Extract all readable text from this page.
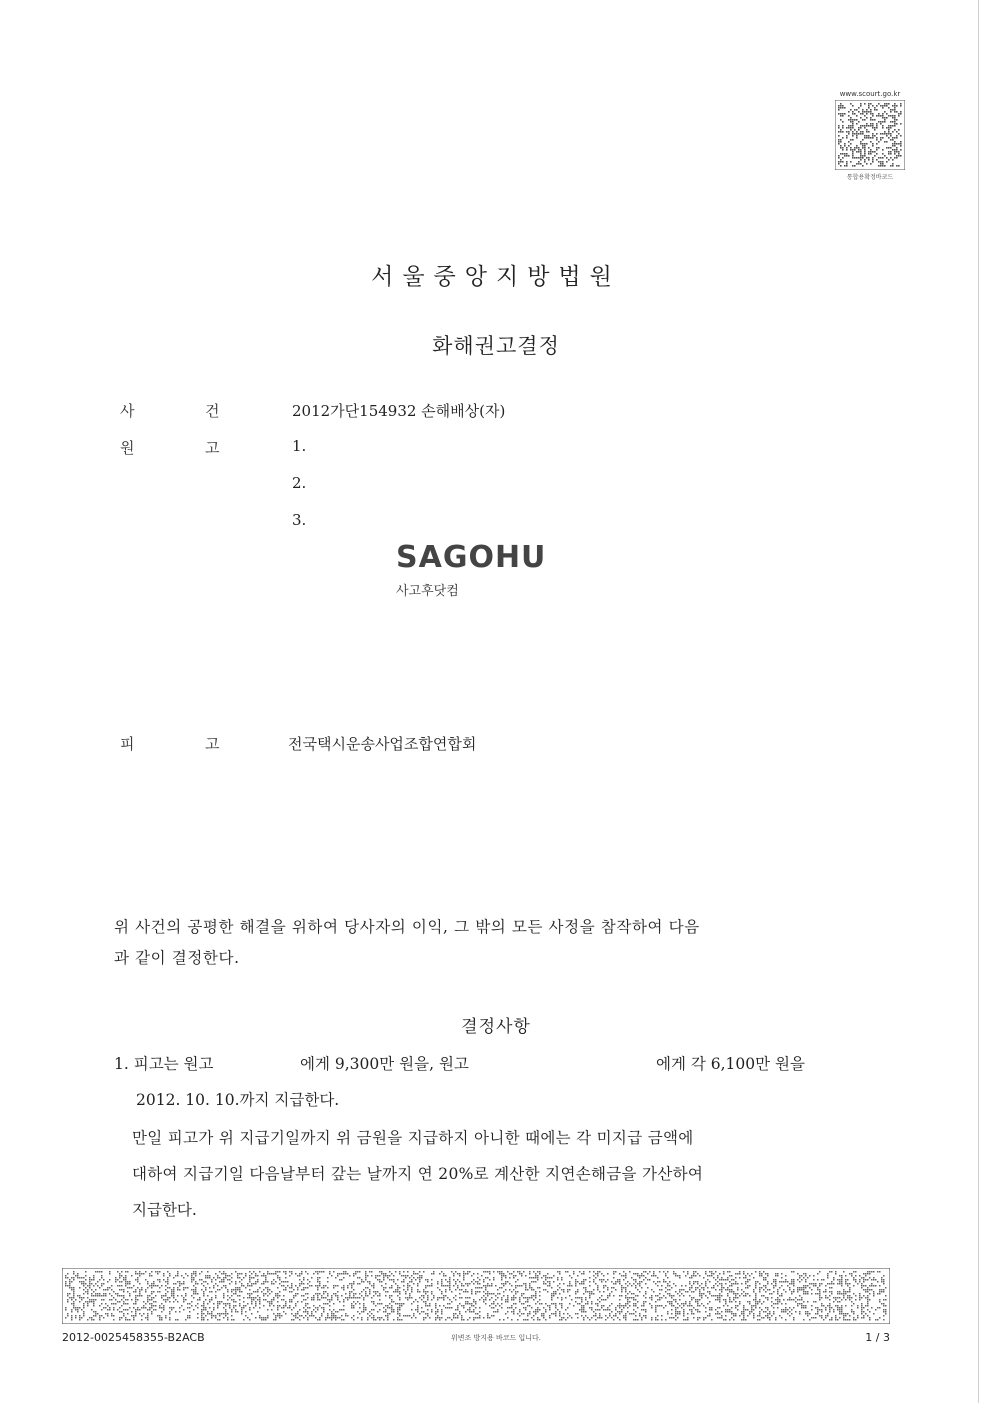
www.scourt.go.kr
통합용확정바코드
서울중앙지방법원
화해권고결정
사	건	2012가단154932 손해배상(자)
원	고	1.
2.
3.
SAGOHU
사고후닷컴
피	고	전국택시운송사업조합연합회
위 사건의 공평한 해결을 위하여 당사자의 이익, 그 밖의 모든 사정을 참작하여 다음
과 같이 결정한다.
결정사항
1. 피고는 원고	에게 9,300만 원을, 원고	에게 각 6,100만 원을
2012. 10. 10.까지 지급한다.
만일 피고가 위 지급기일까지 위 금원을 지급하지 아니한 때에는 각 미지급 금액에
대하여 지급기일 다음날부터 갚는 날까지 연 20%로 계산한 지연손해금을 가산하여
지급한다.
2012-0025458355-B2ACB	위변조 방지용 바코드 입니다.	1 / 3
